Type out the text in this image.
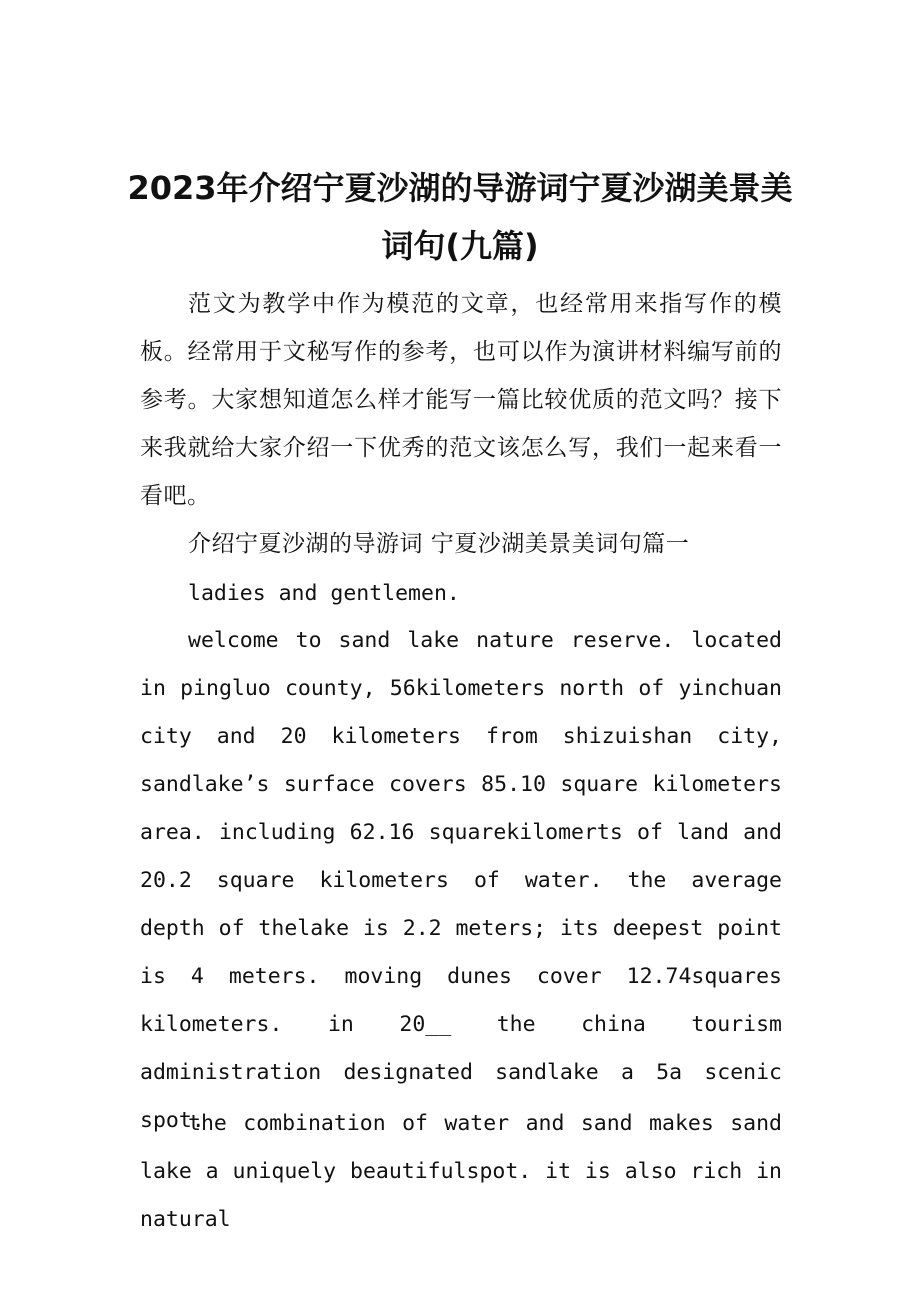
2023年介绍宁夏沙湖的导游词宁夏沙湖美景美词句(九篇)

范文为教学中作为模范的文章，也经常用来指写作的模板。经常用于文秘写作的参考，也可以作为演讲材料编写前的参考。大家想知道怎么样才能写一篇比较优质的范文吗？接下来我就给大家介绍一下优秀的范文该怎么写，我们一起来看一看吧。

介绍宁夏沙湖的导游词 宁夏沙湖美景美词句篇一

ladies and gentlemen.

welcome to sand lake nature reserve. located in pingluo county, 56kilometers north of yinchuan city and 20 kilometers from shizuishan city, sandlake’s surface covers 85.10 square kilometers area. including 62.16 squarekilomerts of land and 20.2 square kilometers of water. the average depth of thelake is 2.2 meters; its deepest point is 4 meters. moving dunes cover 12.74squares kilometers. in 20__ the china tourism administration designated sandlake a 5a scenic spot.

the combination of water and sand makes sand lake a uniquely beautifulspot. it is also rich in natural
